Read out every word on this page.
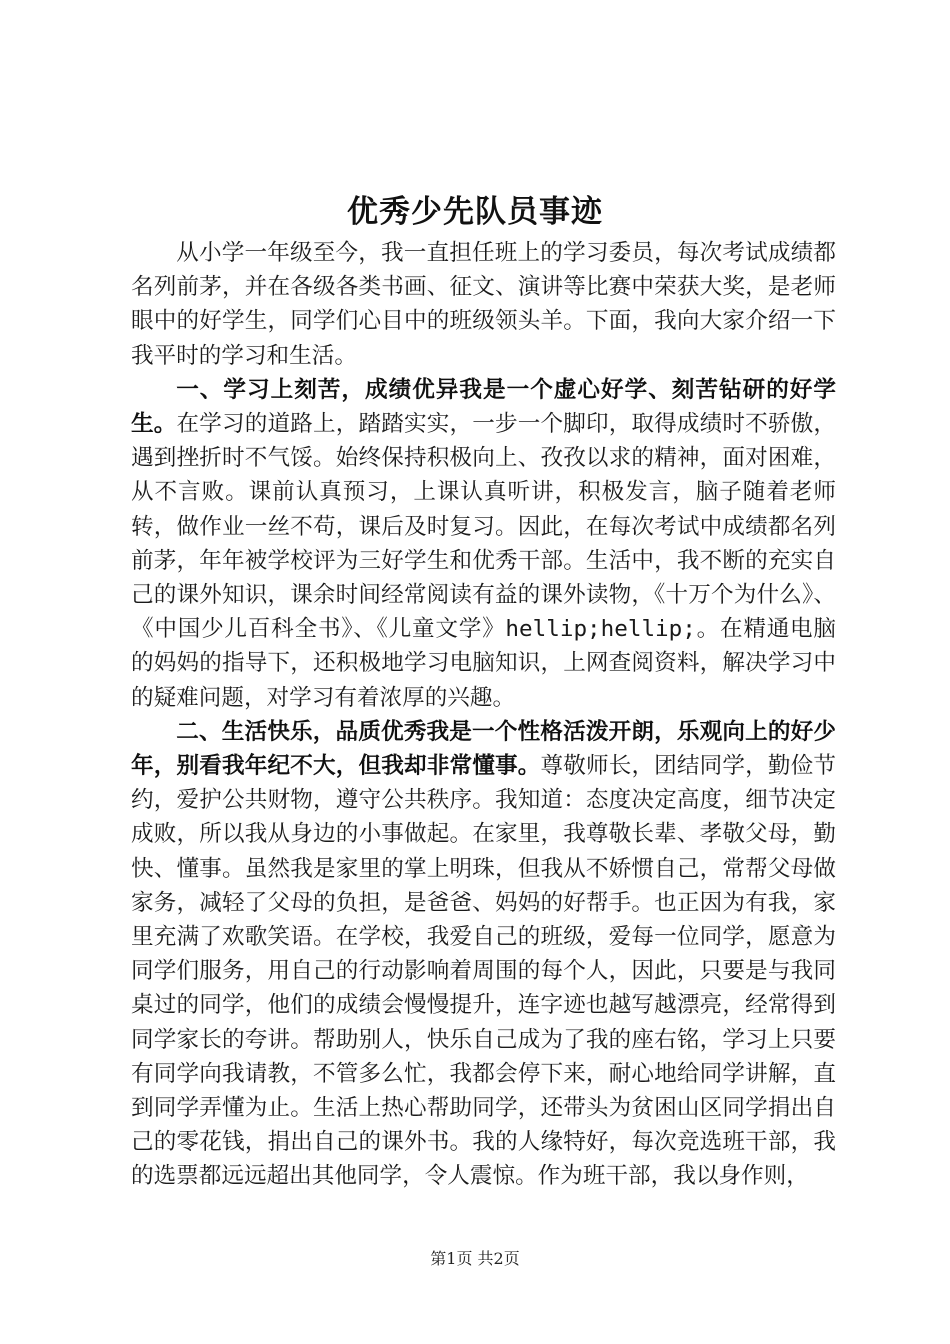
优秀少先队员事迹

从小学一年级至今，我一直担任班上的学习委员，每次考试成绩都名列前茅，并在各级各类书画、征文、演讲等比赛中荣获大奖，是老师眼中的好学生，同学们心目中的班级领头羊。下面，我向大家介绍一下我平时的学习和生活。

一、学习上刻苦，成绩优异我是一个虚心好学、刻苦钻研的好学生。在学习的道路上，踏踏实实，一步一个脚印，取得成绩时不骄傲，遇到挫折时不气馁。始终保持积极向上、孜孜以求的精神，面对困难，从不言败。课前认真预习，上课认真听讲，积极发言，脑子随着老师转，做作业一丝不苟，课后及时复习。因此，在每次考试中成绩都名列前茅，年年被学校评为三好学生和优秀干部。生活中，我不断的充实自己的课外知识，课余时间经常阅读有益的课外读物，《十万个为什么》、《中国少儿百科全书》、《儿童文学》hellip;hellip;。在精通电脑的妈妈的指导下，还积极地学习电脑知识，上网查阅资料，解决学习中的疑难问题，对学习有着浓厚的兴趣。

二、生活快乐，品质优秀我是一个性格活泼开朗，乐观向上的好少年，别看我年纪不大，但我却非常懂事。尊敬师长，团结同学，勤俭节约，爱护公共财物，遵守公共秩序。我知道：态度决定高度，细节决定成败，所以我从身边的小事做起。在家里，我尊敬长辈、孝敬父母，勤快、懂事。虽然我是家里的掌上明珠，但我从不娇惯自己，常帮父母做家务，减轻了父母的负担，是爸爸、妈妈的好帮手。也正因为有我，家里充满了欢歌笑语。在学校，我爱自己的班级，爱每一位同学，愿意为同学们服务，用自己的行动影响着周围的每个人，因此，只要是与我同桌过的同学，他们的成绩会慢慢提升，连字迹也越写越漂亮，经常得到同学家长的夸讲。帮助别人，快乐自己成为了我的座右铭，学习上只要有同学向我请教，不管多么忙，我都会停下来，耐心地给同学讲解，直到同学弄懂为止。生活上热心帮助同学，还带头为贫困山区同学捐出自己的零花钱，捐出自己的课外书。我的人缘特好，每次竞选班干部，我的选票都远远超出其他同学，令人震惊。作为班干部，我以身作则，

第1页 共2页
